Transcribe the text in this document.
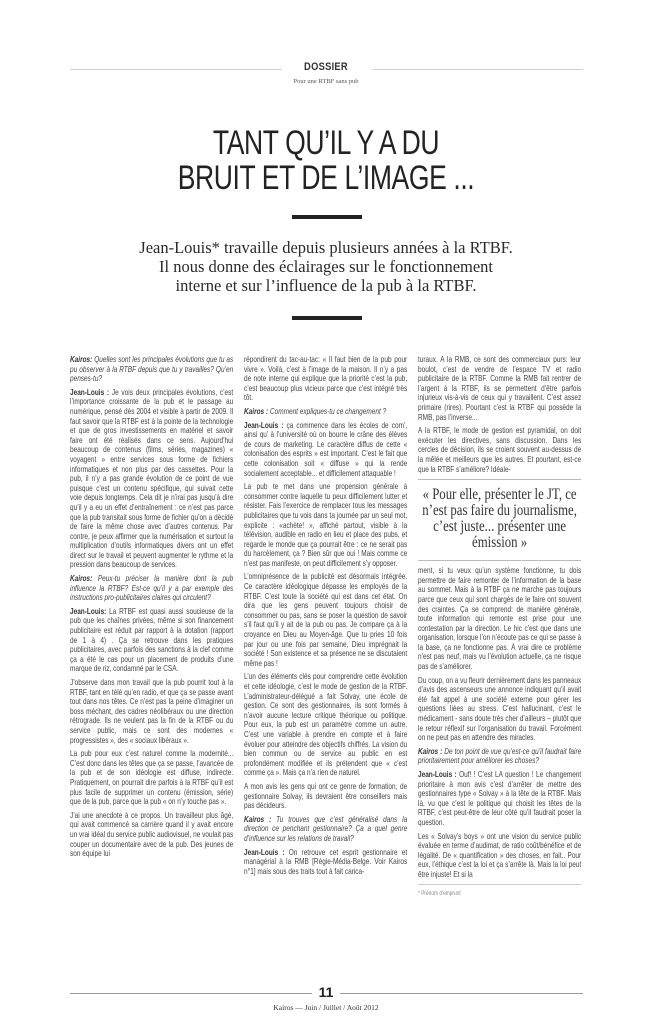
DOSSIER
Pour une RTBF sans pub
TANT QU’IL Y A DU
BRUIT ET DE L’IMAGE ...
Jean-Louis* travaille depuis plusieurs années à la RTBF.
Il nous donne des éclairages sur le fonctionnement
interne et sur l’influence de la pub à la RTBF.

Kairos: Quelles sont les principales évolutions que tu as pu observer à la RTBF depuis que tu y travailles? Qu’en penses-tu?

Jean-Louis : Je vois deux principales évolutions, c’est l’importance croissante de la pub et le passage au numérique, pensé dès 2004 et visible à partir de 2009. Il faut savoir que la RTBF est à la pointe de la technologie et que de gros investissements en matériel et savoir faire ont été réalisés dans ce sens. Aujourd’hui beaucoup de contenus (films, séries, magazines) « voyagent » entre services sous forme de fichiers informatiques et non plus par des cassettes. Pour la pub, il n’y a pas grande évolution de ce point de vue puisque c’est un contenu spécifique, qui suivait cette voie depuis longtemps. Cela dit je n’irai pas jusqu’à dire qu’il y a eu un effet d’entraînement : ce n’est pas parce que la pub transitait sous forme de fichier qu’on a décidé de faire la même chose avec d’autres contenus. Par contre, je peux affirmer que la numérisation et surtout la multiplication d’outils informatiques divers ont un effet direct sur le travail et peuvent augmenter le rythme et la pression dans beaucoup de services.

Kairos: Peux-tu préciser la manière dont la pub influence la RTBF? Est-ce qu’il y a par exemple des instructions pro-publicitaires claires qui circulent?

Jean-Louis: La RTBF est quasi aussi soucieuse de la pub que les chaînes privées, même si son financement publicitaire est réduit par rapport à la dotation (rapport de 1 à 4) . Ça se retrouve dans les pratiques publicitaires, avec parfois des sanctions à la clef comme ça a été le cas pour un placement de produits d’une marque de riz, condamné par le CSA.

J’observe dans mon travail que la pub pourrit tout à la RTBF, tant en télé qu’en radio, et que ça se passe avant tout dans nos têtes. Ce n’est pas la peine d’imaginer un boss méchant, des cadres néolibéraux ou une direction rétrograde. Ils ne veulent pas la fin de la RTBF ou du service public, mais ce sont des modernes « progressistes », des « sociaux libéraux ».

La pub pour eux c’est naturel comme la modernité... C’est donc dans les têtes que ça se passe, l’avancée de la pub et de son idéologie est diffuse, indirecte. Pratiquement, on pourrait dire parfois à la RTBF qu’il est plus facile de supprimer un contenu (émission, série) que de la pub, parce que la pub « on n’y touche pas ».

J’ai une anecdote à ce propos. Un travailleur plus âgé, qui avait commencé sa carrière quand il y avait encore un vrai idéal du service public audiovisuel, ne voulait pas couper un documentaire avec de la pub. Des jeunes de son équipe lui

répondirent du tac-au-tac: « Il faut bien de la pub pour vivre ». Voilà, c’est à l’image de la maison. Il n’y a pas de note interne qui explique que la priorité c’est la pub, c’est beaucoup plus vicieux parce que c’est intégré très tôt.

Kairos : Comment expliques-tu ce changement ?

Jean-Louis : ça commence dans les écoles de com’, ainsi qu’ à l’université où on bourre le crâne des élèves de cours de marketing. Le caractère diffus de cette « colonisation des esprits » est important. C’est le fait que cette colonisation soit « diffuse » qui la rende socialement acceptable... et difficilement attaquable !

La pub te met dans une propension générale à consommer contre laquelle tu peux difficilement lutter et résister. Fais l’exercice de remplacer tous les messages publicitaires que tu vois dans ta journée par un seul mot, explicite : «achète! », affiché partout, visible à la télévision, audible en radio en lieu et place des pubs, et regarde le monde que ça pourrait être : ce ne serait pas du harcèlement, ça ? Bien sûr que oui ! Mais comme ce n’est pas manifeste, on peut difficilement s’y opposer.

L’omniprésence de la publicité est désormais intégrée. Ce caractère idéologique dépasse les employés de la RTBF. C’est toute la société qui est dans cet état. On dira que les gens peuvent toujours choisir de consommer ou pas, sans se poser la question de savoir s’il faut qu’il y ait de la pub ou pas. Je compare ça à la croyance en Dieu au Moyen-âge. Que tu pries 10 fois par jour ou une fois par semaine, Dieu imprégnait la société ! Son existence et sa présence ne se discutaient même pas !

L’un des éléments clés pour comprendre cette évolution et cette idéologie, c’est le mode de gestion de la RTBF. L’administrateur-délégué a fait Solvay, une école de gestion. Ce sont des gestionnaires, ils sont formés à n’avoir aucune lecture critique théorique ou politique. Pour eux, la pub est un paramètre comme un autre. C’est une variable à prendre en compte et à faire évoluer pour atteindre des objectifs chiffrés. La vision du bien commun ou de service au public en est profondément modifiée et ils prétendent que « c’est comme ça ». Mais ça n’a rien de naturel.

A mon avis les gens qui ont ce genre de formation, de gestionnaire Solvay, ils devraient être conseillers mais pas décideurs.

Kairos : Tu trouves que c’est généralisé dans la direction ce penchant gestionnaire? Ça a quel genre d’influence sur les relations de travail?

Jean-Louis : On retrouve cet esprit gestionnaire et managérial à la RMB [Régie-Média-Belge. Voir Kairos n°1] mais sous des traits tout à fait carica-

turaux. A la RMB, ce sont des commerciaux purs: leur boulot, c’est de vendre de l’espace TV et radio publicitaire de la RTBF. Comme la RMB fait rentrer de l’argent à la RTBF, ils se permettent d’être parfois injurieux vis-à-vis de ceux qui y travaillent. C’est assez primaire (rires). Pourtant c’est la RTBF qui possède la RMB, pas l’inverse...

A la RTBF, le mode de gestion est pyramidal, on doit exécuter les directives, sans discussion. Dans les cercles de décision, ils se croient souvent au-dessus de la mêlée et meilleurs que les autres. Et pourtant, est-ce que la RTBF s’améliore? Idéale-

« Pour elle, présenter le JT, ce n’est pas faire du journalisme, c’est juste... présenter une émission »

ment, si tu veux qu’un système fonctionne, tu dois permettre de faire remonter de l’information de la base au sommet. Mais à la RTBF ça ne marche pas toujours parce que ceux qui sont chargés de le faire ont souvent des craintes. Ça se comprend: de manière générale, toute information qui remonte est prise pour une contestation par la direction. Le hic c’est que dans une organisation, lorsque l’on n’écoute pas ce qui se passe à la base, ça ne fonctionne pas. À vrai dire ce problème n’est pas neuf, mais vu l’évolution actuelle, ça ne risque pas de s’améliorer.

Du coup, on a vu fleurir dernièrement dans les panneaux d’avis des ascenseurs une annonce indiquant qu’il avait été fait appel à une société externe pour gérer les questions liées au stress. C’est hallucinant, c’est le médicament - sans doute très cher d’ailleurs – plutôt que le retour réflexif sur l’organisation du travail. Forcément on ne peut pas en attendre des miracles.

Kairos : De ton point de vue qu’est-ce qu’il faudrait faire prioritairement pour améliorer les choses?

Jean-Louis : Ouf! ! C’est LA question ! Le changement prioritaire à mon avis c’est d’arrêter de mettre des gestionnaires type « Solvay » à la tête de la RTBF. Mais là, vu que c’est le politique qui choisit les têtes de la RTBF, c’est peut-être de leur côté qu’il faudrait poser la question.

Les « Solvay’s boys » ont une vision du service public évaluée en terme d’audimat, de ratio coût/bénéfice et de légalité. De « quantification » des choses, en fait.. Pour eux, l’éthique c’est la loi et ça s’arrête là. Mais la loi peut être injuste! Et si la

* Prénom d’emprunt
11
Kairos — Juin / Juillet / Août 2012
